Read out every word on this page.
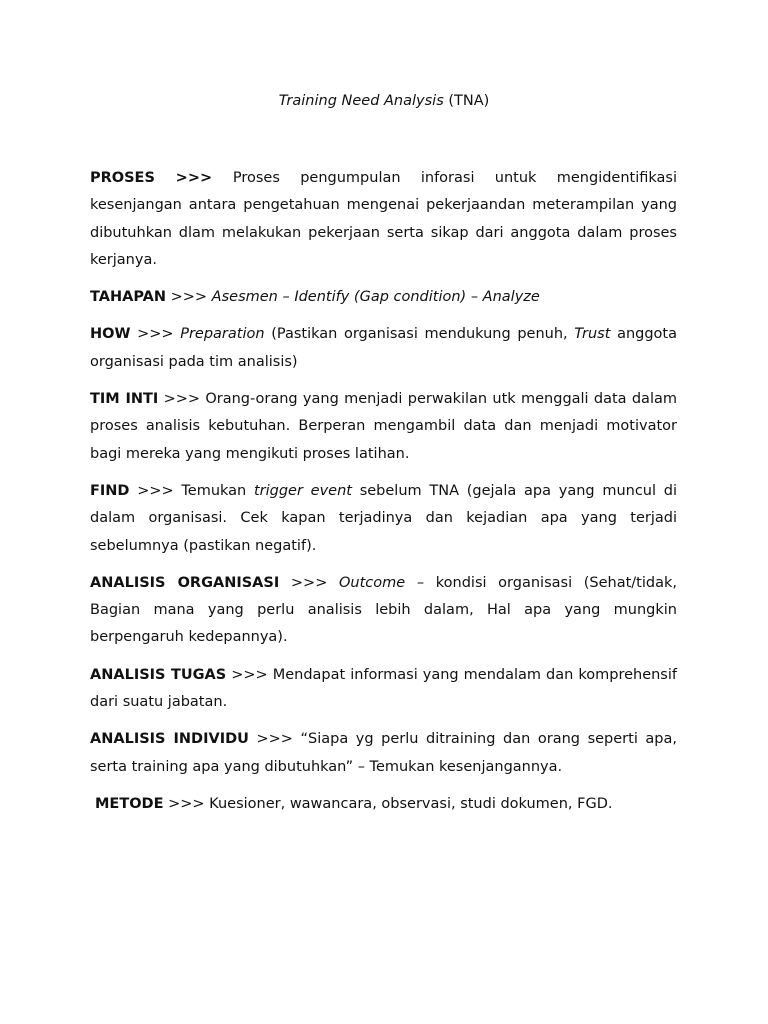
Training Need Analysis (TNA)

PROSES >>> Proses pengumpulan inforasi untuk mengidentifikasi kesenjangan antara pengetahuan mengenai pekerjaandan meterampilan yang dibutuhkan dlam melakukan pekerjaan serta sikap dari anggota dalam proses kerjanya.

TAHAPAN >>> Asesmen – Identify (Gap condition) – Analyze

HOW >>> Preparation (Pastikan organisasi mendukung penuh, Trust anggota organisasi pada tim analisis)

TIM INTI >>> Orang-orang yang menjadi perwakilan utk menggali data dalam proses analisis kebutuhan. Berperan mengambil data dan menjadi motivator bagi mereka yang mengikuti proses latihan.

FIND >>> Temukan trigger event sebelum TNA (gejala apa yang muncul di dalam organisasi. Cek kapan terjadinya dan kejadian apa yang terjadi sebelumnya (pastikan negatif).

ANALISIS ORGANISASI >>> Outcome – kondisi organisasi (Sehat/tidak, Bagian mana yang perlu analisis lebih dalam, Hal apa yang mungkin berpengaruh kedepannya).

ANALISIS TUGAS >>> Mendapat informasi yang mendalam dan komprehensif dari suatu jabatan.

ANALISIS INDIVIDU >>> “Siapa yg perlu ditraining dan orang seperti apa, serta training apa yang dibutuhkan” – Temukan kesenjangannya.

METODE >>> Kuesioner, wawancara, observasi, studi dokumen, FGD.
